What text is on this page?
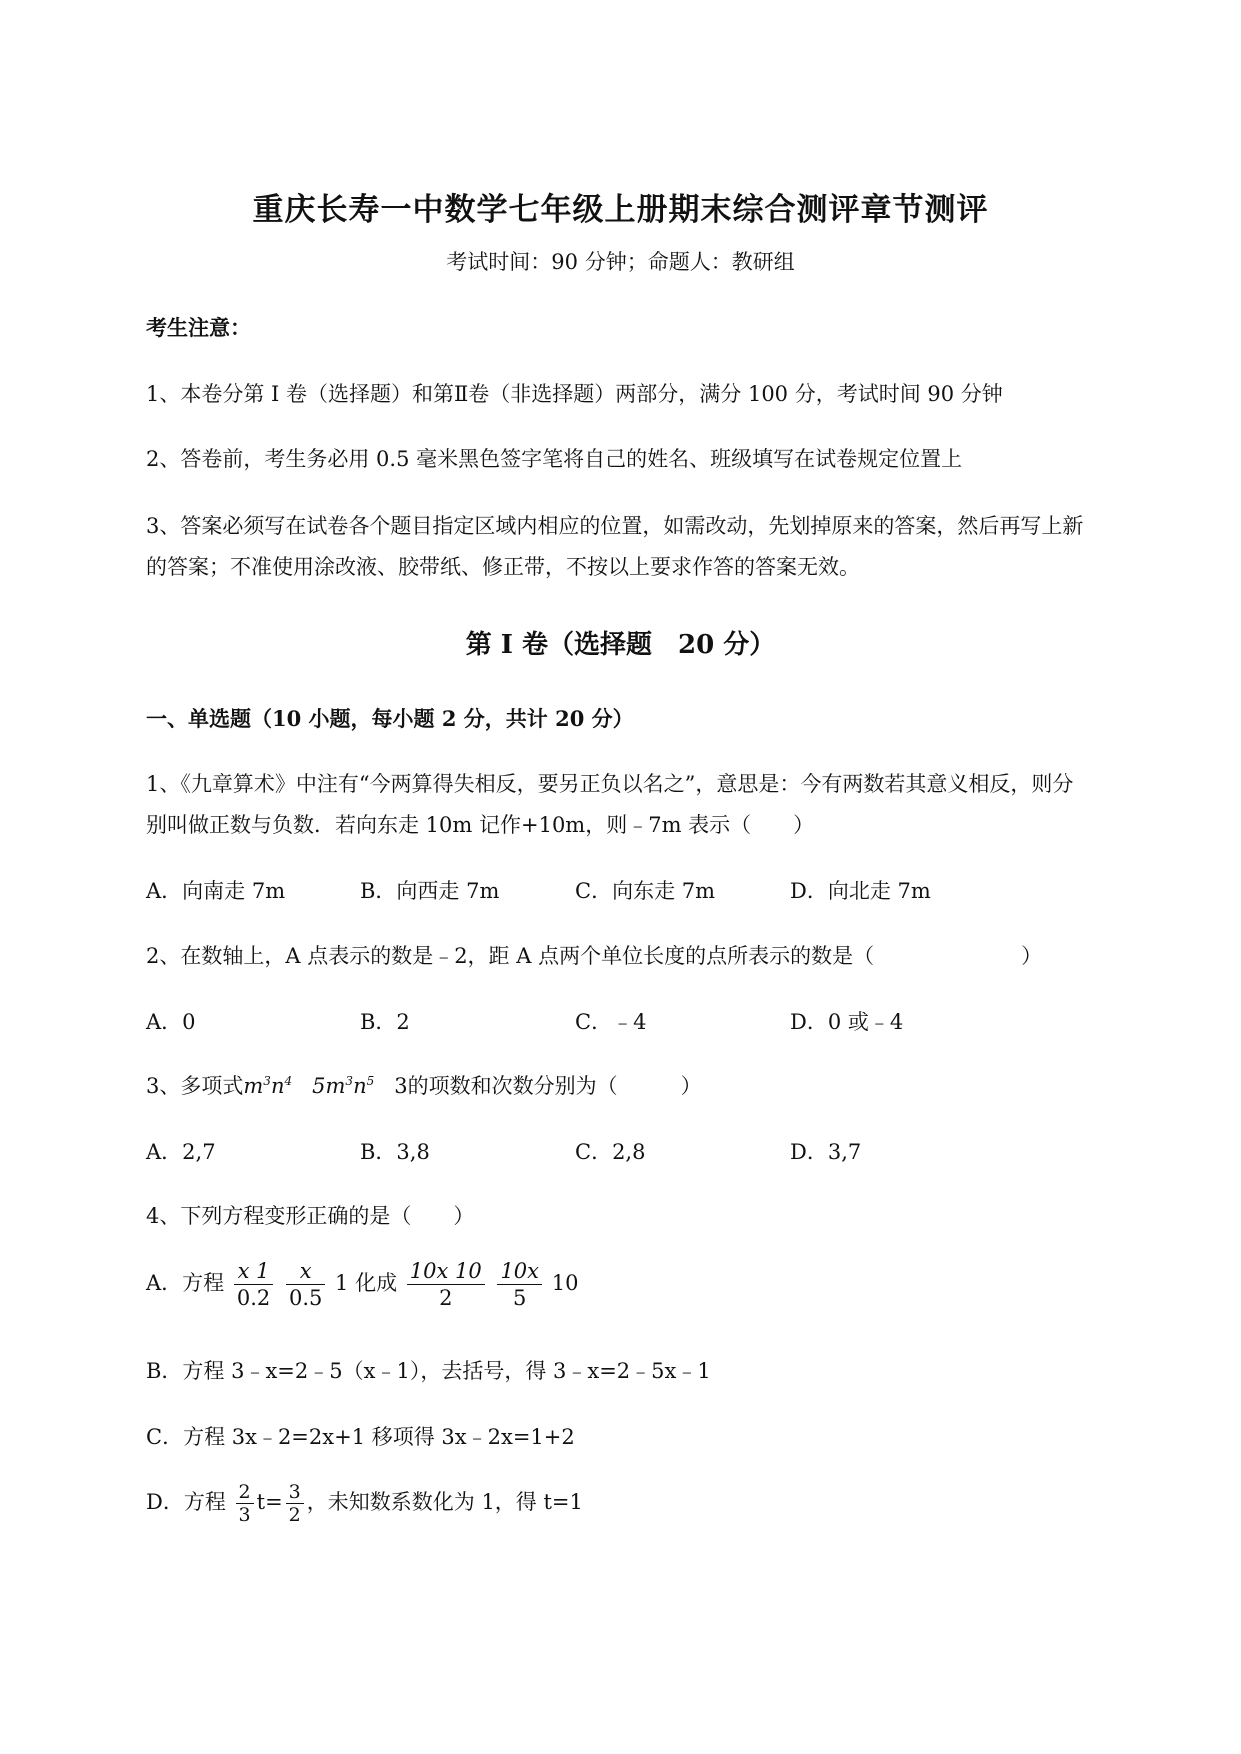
重庆长寿一中数学七年级上册期末综合测评章节测评
考试时间：90 分钟；命题人：教研组
考生注意：
1、本卷分第 I 卷（选择题）和第Ⅱ卷（非选择题）两部分，满分 100 分，考试时间 90 分钟
2、答卷前，考生务必用 0.5 毫米黑色签字笔将自己的姓名、班级填写在试卷规定位置上
3、答案必须写在试卷各个题目指定区域内相应的位置，如需改动，先划掉原来的答案，然后再写上新
的答案；不准使用涂改液、胶带纸、修正带，不按以上要求作答的答案无效。
第 I 卷（选择题　20 分）
一、单选题（10 小题，每小题 2 分，共计 20 分）
1、《九章算术》中注有“今两算得失相反，要另正负以名之”，意思是：今有两数若其意义相反，则分
别叫做正数与负数．若向东走 10m 记作+10m，则﹣7m 表示（　　）
A．向南走 7m	B．向西走 7m	C．向东走 7m	D．向北走 7m
2、在数轴上，A 点表示的数是﹣2，距 A 点两个单位长度的点所表示的数是（　　　　　　　）
A．0	B．2	C．﹣4	D．0 或﹣4
3、多项式$m^3n^4$ $5m^3n^5$ 3的项数和次数分别为（　　　）
A．2,7	B．3,8	C．2,8	D．3,7
4、下列方程变形正确的是（　　）
A．方程 $\frac{x 1}{0.2}$
$\frac{x}{0.5} 1$ 化成 $\frac{10x 10}{2}$
$\frac{10x}{5} 10$
B．方程 3﹣x=2﹣5（x﹣1），去括号，得 3﹣x=2﹣5x﹣1
C．方程 3x﹣2=2x+1 移项得 3x﹣2x=1+2
D．方程 $\frac{2}{3} t= \frac{3}{2}$ ，未知数系数化为 1，得 t=1
